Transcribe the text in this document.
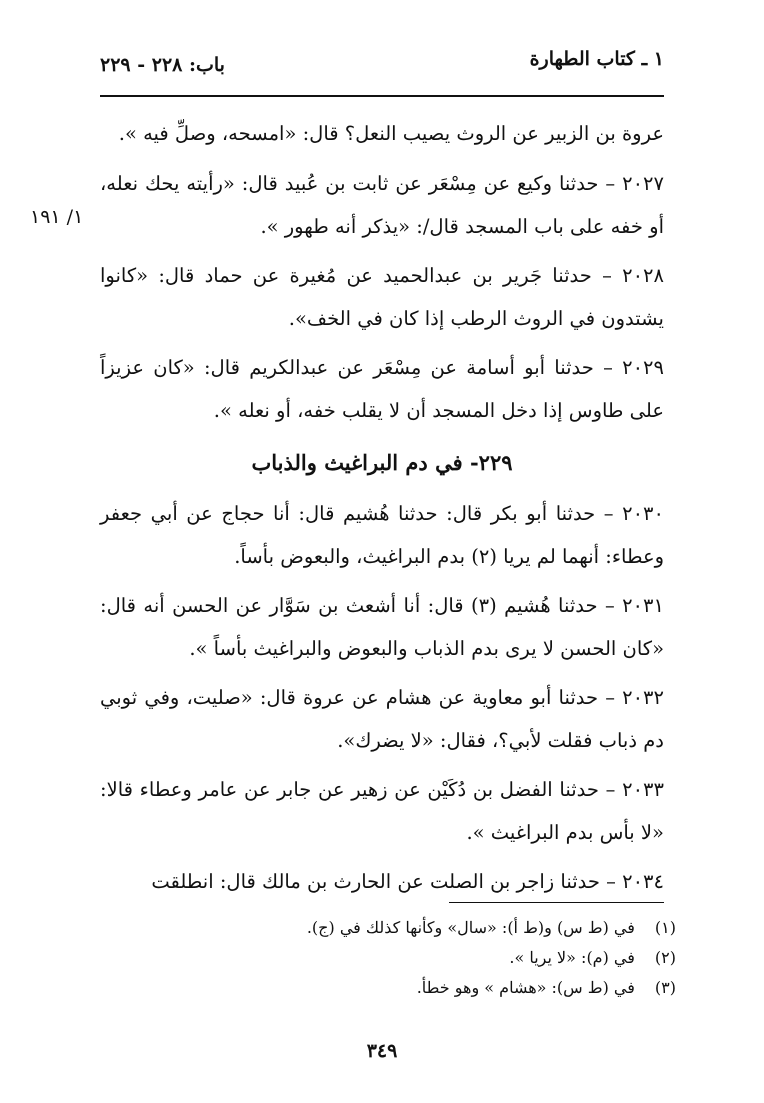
١ ـ كتاب الطهارة
باب: ٢٢٨ - ٢٢٩
١/ ١٩١

عروة بن الزبير عن الروث يصيب النعل؟ قال: «امسحه، وصلِّ فيه ».

٢٠٢٧ – حدثنا وكيع عن مِسْعَر عن ثابت بن عُبيد قال: «رأيته يحك نعله، أو خفه على باب المسجد قال/: «يذكر أنه طهور ».

٢٠٢٨ – حدثنا جَرير بن عبدالحميد عن مُغيرة عن حماد قال: «كانوا يشتدون في الروث الرطب إذا كان في الخف».

٢٠٢٩ – حدثنا أبو أسامة عن مِسْعَر عن عبدالكريم قال: «كان عزيزاً على طاوس إذا دخل المسجد أن لا يقلب خفه، أو نعله ».

٢٢٩- في دم البراغيث والذباب

٢٠٣٠ – حدثنا أبو بكر قال: حدثنا هُشيم قال: أنا حجاج عن أبي جعفر وعطاء: أنهما لم يريا (٢) بدم البراغيث، والبعوض بأساً.

٢٠٣١ – حدثنا هُشيم (٣) قال: أنا أشعث بن سَوَّار عن الحسن أنه قال: «كان الحسن لا يرى بدم الذباب والبعوض والبراغيث بأساً ».

٢٠٣٢ – حدثنا أبو معاوية عن هشام عن عروة قال: «صليت، وفي ثوبي دم ذباب فقلت لأبي؟، فقال: «لا يضرك».

٢٠٣٣ – حدثنا الفضل بن دُكَيْن عن زهير عن جابر عن عامر وعطاء قالا: «لا بأس بدم البراغيث ».

٢٠٣٤ – حدثنا زاجر بن الصلت عن الحارث بن مالك قال: انطلقت

(١) في (ط س) و(ط أ): «سال» وكأنها كذلك في (ج).

(٢) في (م): «لا يريا ».

(٣) في (ط س): «هشام » وهو خطأ.

٣٤٩
